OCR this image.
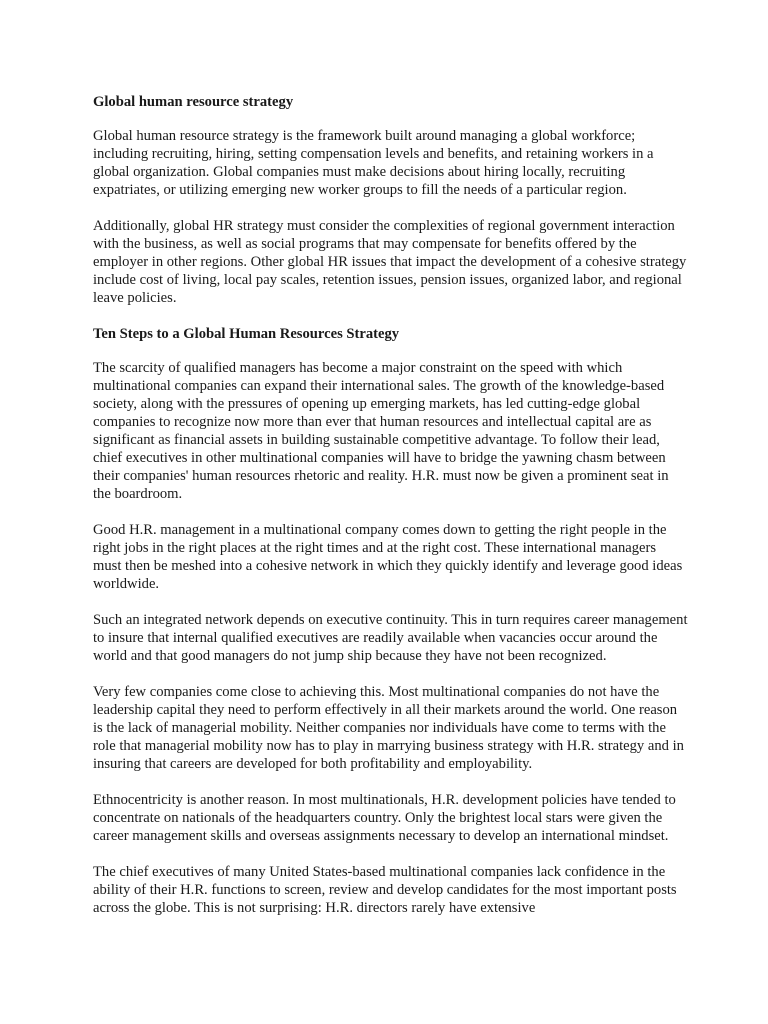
Global human resource strategy

Global human resource strategy is the framework built around managing a global workforce; including recruiting, hiring, setting compensation levels and benefits, and retaining workers in a global organization. Global companies must make decisions about hiring locally, recruiting expatriates, or utilizing emerging new worker groups to fill the needs of a particular region.

Additionally, global HR strategy must consider the complexities of regional government interaction with the business, as well as social programs that may compensate for benefits offered by the employer in other regions. Other global HR issues that impact the development of a cohesive strategy include cost of living, local pay scales, retention issues, pension issues, organized labor, and regional leave policies.

Ten Steps to a Global Human Resources Strategy

The scarcity of qualified managers has become a major constraint on the speed with which multinational companies can expand their international sales. The growth of the knowledge-based society, along with the pressures of opening up emerging markets, has led cutting-edge global companies to recognize now more than ever that human resources and intellectual capital are as significant as financial assets in building sustainable competitive advantage. To follow their lead, chief executives in other multinational companies will have to bridge the yawning chasm between their companies' human resources rhetoric and reality. H.R. must now be given a prominent seat in the boardroom.

Good H.R. management in a multinational company comes down to getting the right people in the right jobs in the right places at the right times and at the right cost. These international managers must then be meshed into a cohesive network in which they quickly identify and leverage good ideas worldwide.

Such an integrated network depends on executive continuity. This in turn requires career management to insure that internal qualified executives are readily available when vacancies occur around the world and that good managers do not jump ship because they have not been recognized.

Very few companies come close to achieving this. Most multinational companies do not have the leadership capital they need to perform effectively in all their markets around the world. One reason is the lack of managerial mobility. Neither companies nor individuals have come to terms with the role that managerial mobility now has to play in marrying business strategy with H.R. strategy and in insuring that careers are developed for both profitability and employability.

Ethnocentricity is another reason. In most multinationals, H.R. development policies have tended to concentrate on nationals of the headquarters country. Only the brightest local stars were given the career management skills and overseas assignments necessary to develop an international mindset.

The chief executives of many United States-based multinational companies lack confidence in the ability of their H.R. functions to screen, review and develop candidates for the most important posts across the globe. This is not surprising: H.R. directors rarely have extensive
